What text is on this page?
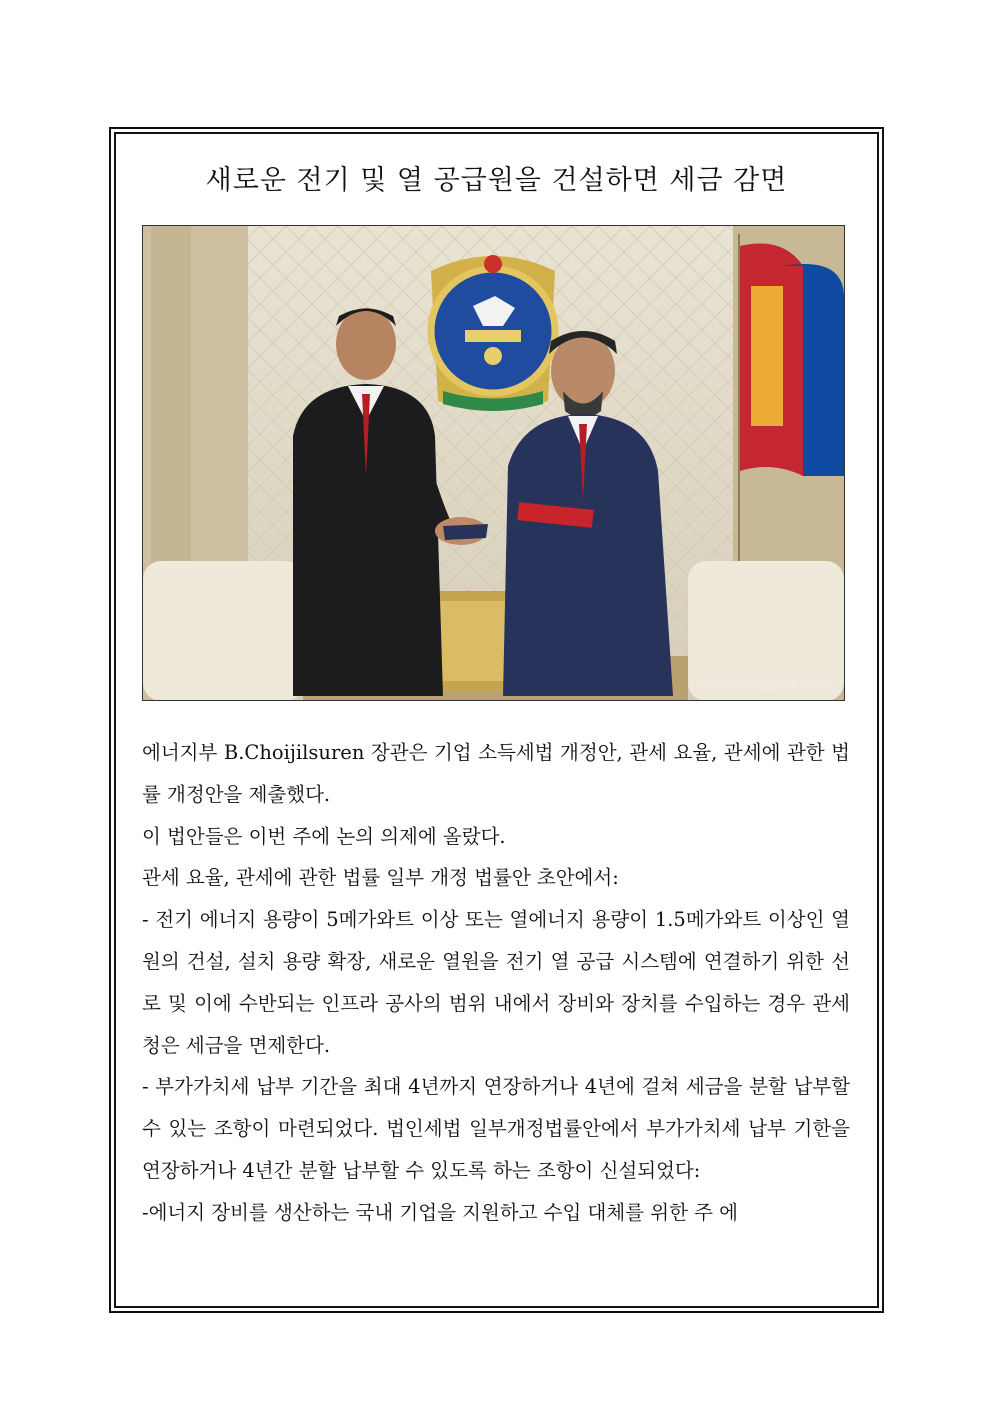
새로운 전기 및 열 공급원을 건설하면 세금 감면
МОНГОЛ УЛСЫН ИХ ХУРАЛ

에너지부 B.Choijilsuren 장관은 기업 소득세법 개정안, 관세 요율, 관세에 관한 법률 개정안을 제출했다.

이 법안들은 이번 주에 논의 의제에 올랐다.

관세 요율, 관세에 관한 법률 일부 개정 법률안 초안에서:

- 전기 에너지 용량이 5메가와트 이상 또는 열에너지 용량이 1.5메가와트 이상인 열원의 건설, 설치 용량 확장, 새로운 열원을 전기 열 공급 시스템에 연결하기 위한 선로 및 이에 수반되는 인프라 공사의 범위 내에서 장비와 장치를 수입하는 경우 관세청은 세금을 면제한다.

- 부가가치세 납부 기간을 최대 4년까지 연장하거나 4년에 걸쳐 세금을 분할 납부할 수 있는 조항이 마련되었다. 법인세법 일부개정법률안에서 부가가치세 납부 기한을 연장하거나 4년간 분할 납부할 수 있도록 하는 조항이 신설되었다:

-에너지 장비를 생산하는 국내 기업을 지원하고 수입 대체를 위한 주 에
